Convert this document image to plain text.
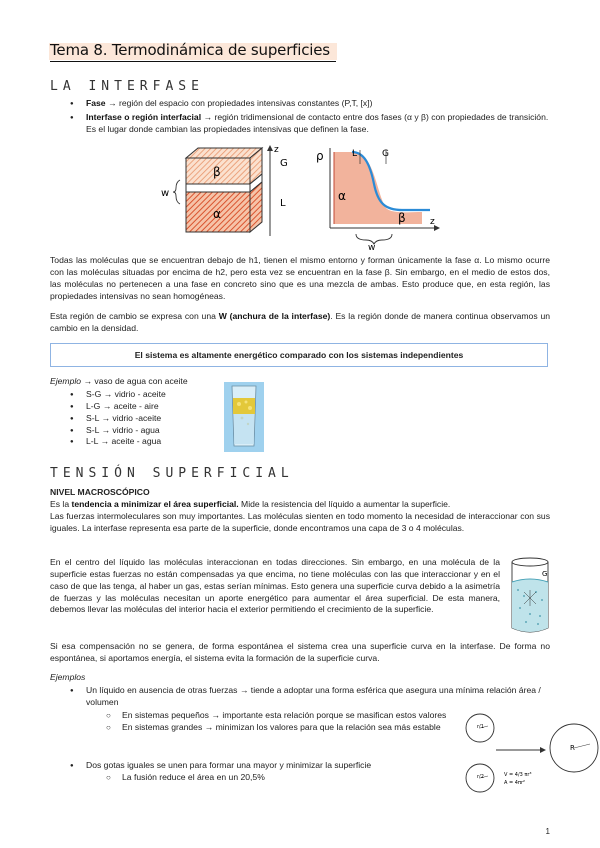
Tema 8. Termodinámica de superficies
LA INTERFASE
● Fase → región del espacio con propiedades intensivas constantes (P,T, [x])
● Interfase o región interfacial → región tridimensional de contacto entre dos fases (α y β) con propiedades de transición. Es el lugar donde cambian las propiedades intensivas que definen la fase.
z
G
L
β
α
w
ρ	L	G
α
β	z
w

Todas las moléculas que se encuentran debajo de h1, tienen el mismo entorno y forman únicamente la fase α. Lo mismo ocurre con las moléculas situadas por encima de h2, pero esta vez se encuentran en la fase β. Sin embargo, en el medio de estos dos, las moléculas no pertenecen a una fase en concreto sino que es una mezcla de ambas. Esto produce que, en esta región, las propiedades intensivas no sean homogéneas.

Esta región de cambio se expresa con una W (anchura de la interfase). Es la región donde de manera continua observamos un cambio en la densidad.

El sistema es altamente energético comparado con los sistemas independientes
Ejemplo → vaso de agua con aceite
● S-G → vidrio - aceite
● L-G → aceite - aire
● S-L → vidrio -aceite
● S-L → vidrio - agua
● L-L → aceite - agua
TENSIÓN SUPERFICIAL
NIVEL MACROSCÓPICO

Es la tendencia a minimizar el área superficial. Mide la resistencia del líquido a aumentar la superficie.

Las fuerzas intermoleculares son muy importantes. Las moléculas sienten en todo momento la necesidad de interaccionar con sus iguales. La interfase representa esa parte de la superficie, donde encontramos una capa de 3 o 4 moléculas.

En el centro del líquido las moléculas interaccionan en todas direcciones. Sin embargo, en una molécula de la superficie estas fuerzas no están compensadas ya que encima, no tiene moléculas con las que interaccionar y en el caso de que las tenga, al haber un gas, estas serían mínimas. Esto genera una superficie curva debido a la asimetría de fuerzas y las moléculas necesitan un aporte energético para aumentar el área superficial. De esta manera, debemos llevar las moléculas del interior hacia el exterior permitiendo el crecimiento de la superficie.

G

Si esa compensación no se genera, de forma espontánea el sistema crea una superficie curva en la interfase. De forma no espontánea, si aportamos energía, el sistema evita la formación de la superficie curva.

Ejemplos
● Un líquido en ausencia de otras fuerzas → tiende a adoptar una forma esférica que asegura una mínima relación área / volumen
○ En sistemas pequeños → importante esta relación porque se masifican estos valores
○ En sistemas grandes → minimizan los valores para que la relación sea más estable
● Dos gotas iguales se unen para formar una mayor y minimizar la superficie
○ La fusión reduce el área en un 20,5%
r/1
r/2
R
V = 4/3 πr³
A = 4πr²
1
